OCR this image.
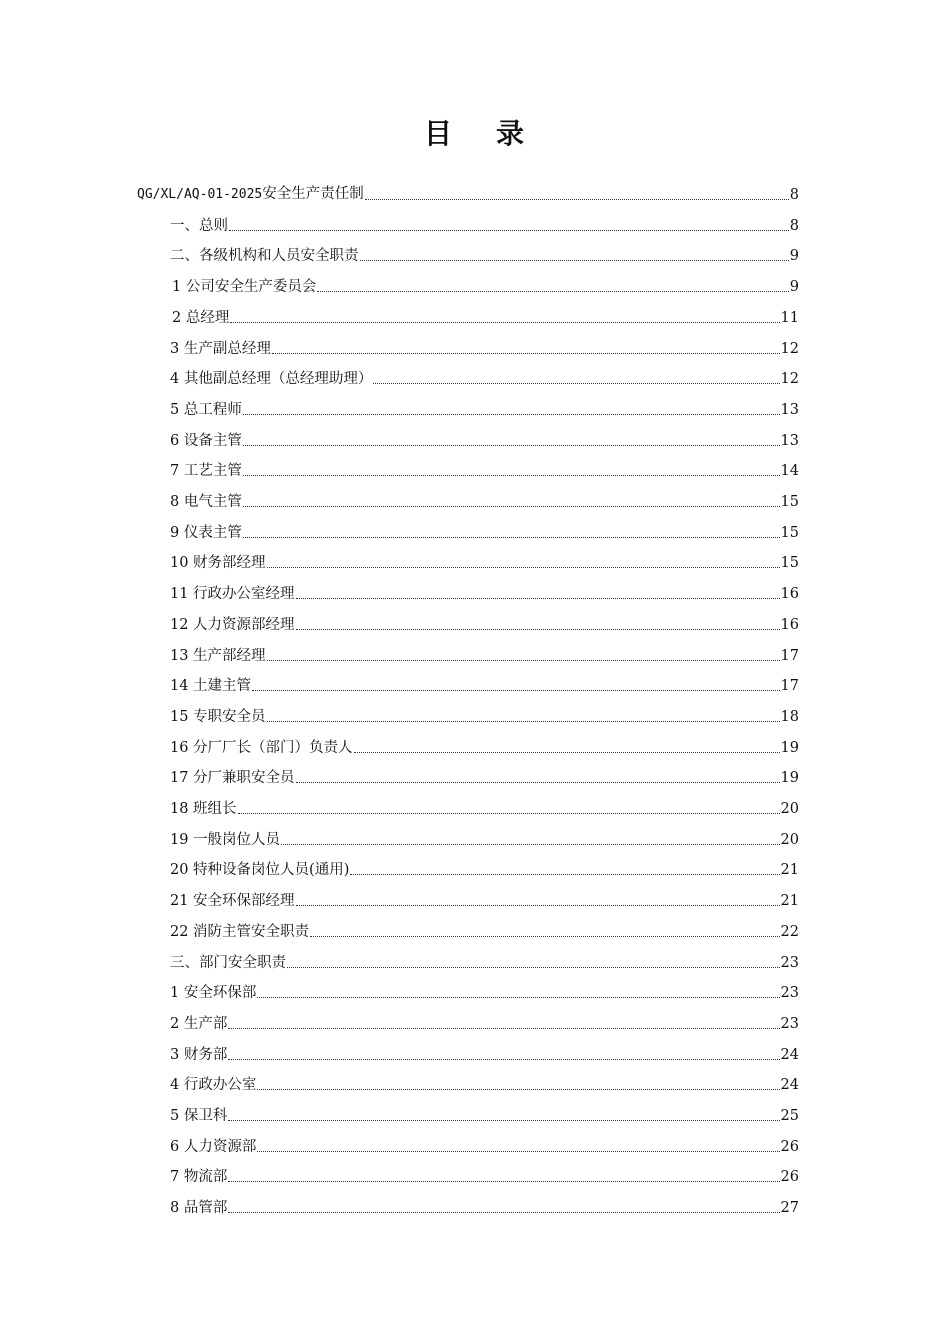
目 录
QG/XL/AQ-01-2025安全生产责任制	8
一、总则	8
二、各级机构和人员安全职责	9
1 公司安全生产委员会	9
2 总经理	11
3 生产副总经理	12
4 其他副总经理（总经理助理）	12
5 总工程师	13
6 设备主管	13
7 工艺主管	14
8 电气主管	15
9 仪表主管	15
10 财务部经理	15
11 行政办公室经理	16
12 人力资源部经理	16
13 生产部经理	17
14 土建主管	17
15 专职安全员	18
16 分厂厂长（部门）负责人	19
17 分厂兼职安全员	19
18 班组长	20
19 一般岗位人员	20
20 特种设备岗位人员(通用)	21
21 安全环保部经理	21
22 消防主管安全职责	22
三、部门安全职责	23
1 安全环保部	23
2 生产部	23
3 财务部	24
4 行政办公室	24
5 保卫科	25
6 人力资源部	26
7 物流部	26
8 品管部	27
